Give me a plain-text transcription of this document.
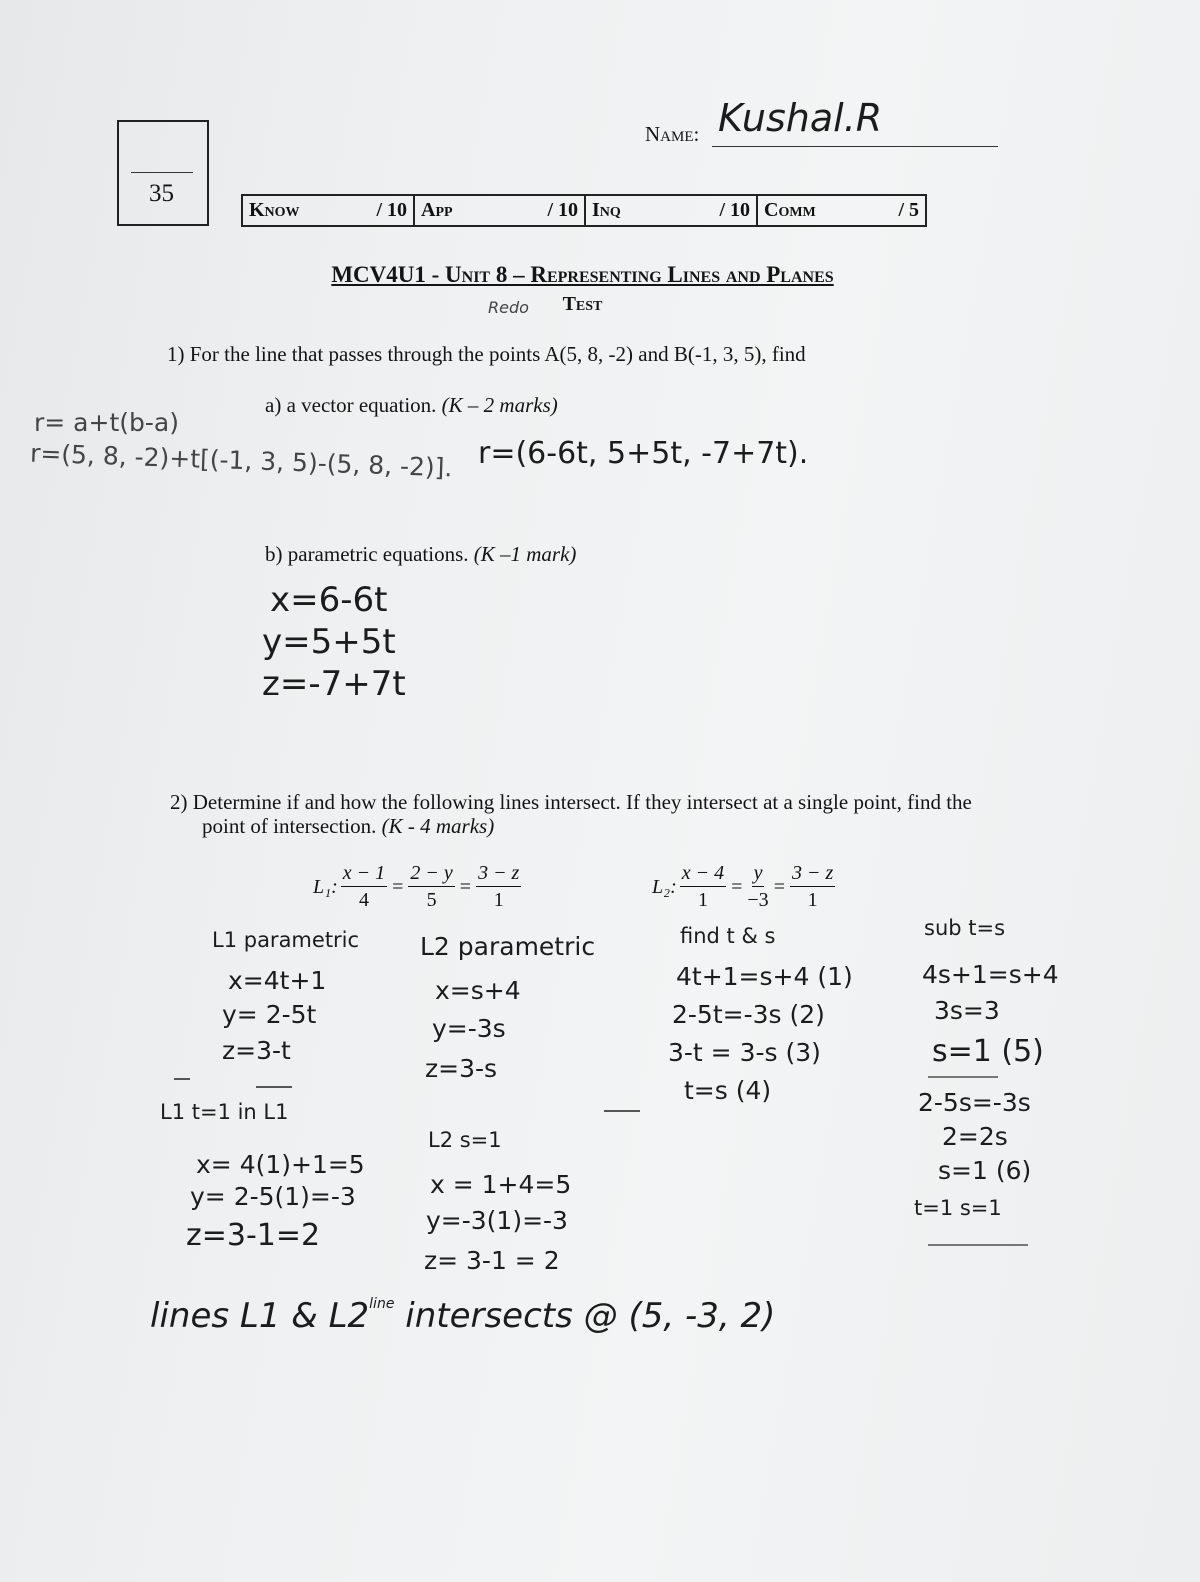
35
Name: Kushal.R
Know	/ 10	App	/ 10	Inq	/ 10	Comm	/ 5
MCV4U1 - Unit 8 – Representing Lines and Planes
Redo	Test
1) For the line that passes through the points A(5, 8, -2) and B(-1, 3, 5), find
a) a vector equation. (K – 2 marks)
r= a+t(b-a)
r=(5, 8, -2)+t[(-1, 3, 5)-(5, 8, -2)]. r=(6-6t, 5+5t, -7+7t).
b) parametric equations. (K –1 mark)
x=6-6t
y=5+5t
z=-7+7t
2) Determine if and how the following lines intersect. If they intersect at a single point, find the
point of intersection. (K - 4 marks)
L₁: $\frac{x - 1}{4} = \frac{2 - y}{5} = \frac{3 - z}{1}$	L₂: $\frac{x - 4}{1} = \frac{y}{-3} = \frac{3 - z}{1}$
L1 parametric
x=4t+1
y= 2-5t
z=3-t
L2 parametric
x=s+4
y=-3s
z=3-s
find t & s
4t+1=s+4 (1)
2-5t=-3s (2)
3-t = 3-s (3)
t=s (4)
sub t=s
4s+1=s+4
3s=3
s=1 (5)
2-5s=-3s
2=2s
s=1 (6)
t=1 s=1
L1 t=1 in L1
x= 4(1)+1=5
y= 2-5(1)=-3
z=3-1=2
L2 s=1
x = 1+4=5
y=-3(1)=-3
z= 3-1 = 2
lines L1 & $L2^{line}$ intersects @ (5, -3, 2)
